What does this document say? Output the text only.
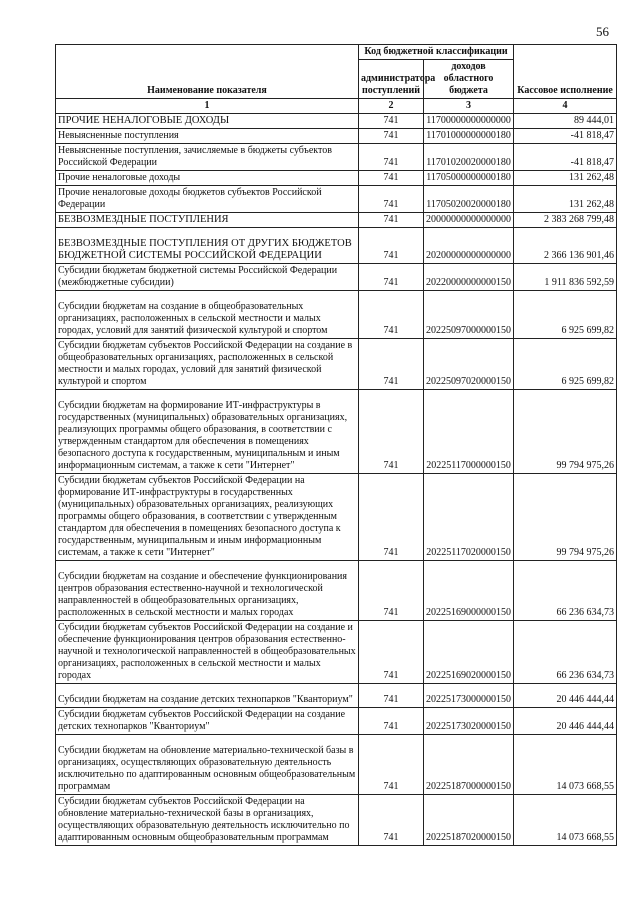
56
Наименование показателя	Код бюджетной классификации		Кассовое исполнение
	администратора поступлений	доходов областного бюджета	
1	2	3	4
ПРОЧИЕ НЕНАЛОГОВЫЕ ДОХОДЫ	741	11700000000000000	89 444,01
Невыясненные поступления	741	11701000000000180	-41 818,47
Невыясненные поступления, зачисляемые в бюджеты субъектов Российской Федерации	741	11701020020000180	-41 818,47
Прочие неналоговые доходы	741	11705000000000180	131 262,48
Прочие неналоговые доходы бюджетов субъектов Российской Федерации	741	11705020020000180	131 262,48
БЕЗВОЗМЕЗДНЫЕ ПОСТУПЛЕНИЯ	741	20000000000000000	2 383 268 799,48
БЕЗВОЗМЕЗДНЫЕ ПОСТУПЛЕНИЯ ОТ ДРУГИХ БЮДЖЕТОВ БЮДЖЕТНОЙ СИСТЕМЫ РОССИЙСКОЙ ФЕДЕРАЦИИ	741	20200000000000000	2 366 136 901,46
Субсидии бюджетам бюджетной системы Российской Федерации (межбюджетные субсидии)	741	20220000000000150	1 911 836 592,59
Субсидии бюджетам на создание в общеобразовательных организациях, расположенных в сельской местности и малых городах, условий для занятий физической культурой и спортом	741	20225097000000150	6 925 699,82
Субсидии бюджетам субъектов Российской Федерации на создание в общеобразовательных организациях, расположенных в сельской местности и малых городах, условий для занятий физической культурой и спортом	741	20225097020000150	6 925 699,82
Субсидии бюджетам на формирование ИТ-инфраструктуры в государственных (муниципальных) образовательных организациях, реализующих программы общего образования, в соответствии с утвержденным стандартом для обеспечения в помещениях безопасного доступа к государственным, муниципальным и иным информационным системам, а также к сети "Интернет"	741	20225117000000150	99 794 975,26
Субсидии бюджетам субъектов Российской Федерации на формирование ИТ-инфраструктуры в государственных (муниципальных) образовательных организациях, реализующих программы общего образования, в соответствии с утвержденным стандартом для обеспечения в помещениях безопасного доступа к государственным, муниципальным и иным информационным системам, а также к сети "Интернет"	741	20225117020000150	99 794 975,26
Субсидии бюджетам на создание и обеспечение функционирования центров образования естественно-научной и технологической направленностей в общеобразовательных организациях, расположенных в сельской местности и малых городах	741	20225169000000150	66 236 634,73
Субсидии бюджетам субъектов Российской Федерации на создание и обеспечение функционирования центров образования естественно-научной и технологической направленностей в общеобразовательных организациях, расположенных в сельской местности и малых городах	741	20225169020000150	66 236 634,73
Субсидии бюджетам на создание детских технопарков "Кванториум"	741	20225173000000150	20 446 444,44
Субсидии бюджетам субъектов Российской Федерации на создание детских технопарков "Кванториум"	741	20225173020000150	20 446 444,44
Субсидии бюджетам на обновление материально-технической базы в организациях, осуществляющих образовательную деятельность исключительно по адаптированным основным общеобразовательным программам	741	20225187000000150	14 073 668,55
Субсидии бюджетам субъектов Российской Федерации на обновление материально-технической базы в организациях, осуществляющих образовательную деятельность исключительно по адаптированным основным общеобразовательным программам	741	20225187020000150	14 073 668,55
